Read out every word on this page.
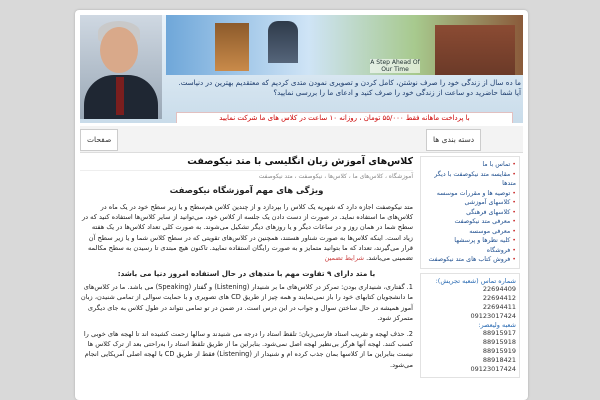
A Step Ahead Of Our Time
ما ده سال از زندگی خود را صرف نوشتن، کامل کردن و تصویری نمودن متدی کردیم که معتقدیم بهترین در دنیاست.
آیا شما حاضرید دو ساعت از زندگی خود را صرف کنید و ادعای ما را بررسی نمایید؟
با پرداخت ماهانه فقط ۵۵/۰۰۰ تومان ، روزانه ۱۰ ساعت در کلاس های ما شرکت نمایید
صفحات	دسته بندی ها
کلاس‌های آموزش زبان انگلیسی با متد نیکوصفت
آموزشگاه ، کلاس‌های ما ، کلاس‌ها ، نیکوصفت ، متد نیکوصفت
ویژگی های مهم آموزشگاه نیکوصفت

متد نیکوصفت اجازه دارد که شهریه یک کلاس را بپردازد و از چندین کلاس هم‌سطح و یا زیر سطح خود در یک ماه در کلاس‌های ما استفاده نماید. در صورت از دست دادن یک جلسه از کلاس خود، می‌توانید از سایر کلاس‌ها استفاده کنید که در سطح شما در همان روز و در ساعات دیگر و یا روزهای دیگر تشکیل می‌شوند. به صورت کلی تعداد کلاس‌ها در یک هفته زیاد است. اینکه کلاس‌ها به صورت شناور هستند، همچنین در کلاس‌های تقویتی که در سطح کلاس شما و یا زیر سطح آن قرار می‌گیرند، تعداد که ما بتوانید متمایز و به صورت رایگان استفاده نمایید. تاکنون هیچ مبتدی تا رسیدن به سطح مکالمه تضمینی می‌باشد. شرایط تضمین

با متد دارای ۹ تفاوت مهم با متدهای در حال استفاده امروز دنیا می باشد:

1. گفتاری، شنیداری بودن: تمرکز در کلاس‌های ما بر شنیدار (Listening) و گفتار (Speaking) می باشد. ما در کلاس‌های ما دانشجویان کتابهای خود را باز نمی‌نمایند و همه چیز از طریق CD های تصویری و با حمایت سوالی از تمامی شنیدن، زبان آموز همیشه در حال ساختن سوال و جواب در این درس است. در ضمن در تو تمامی نتواند در طول کلاس به جای دیگری متمرکز شود.

2. حذف لهجه و تقریب استاد فارسی‌زبان: تلفظ استاد را درجه می شنیدند و سالها زحمت کشیده اند تا لهجه های خوبی را کسب کنند. لهجه آنها هرگز بی‌نظیر لهجه اصل نمی‌شود. بنابراین ما از طریق تلفظ استاد را به‌راحتی بعد از ترک کلاس ها نیست بنابراین ما از کلاسها بمان جذب کرده ام و شنیدار از (Listening) فقط از طریق CD با لهجه اصلی آمریکایی انجام می‌شود.

• تماس با ما
• مقایسه متد نیکوصفت با دیگر متدها
• توصیه ها و مقررات موسسه
• کلاسهای آموزشی
• کلاسهای فرهنگی
• معرفی متد نیکوصفت
• معرفی موسسه
• کلیه نظرها و پرسشها
• فروشگاه
• فروش کتاب های متد نیکوصفت
شماره تماس (شعبه تجریش):
22694409
22694412
22694411
09123017424
شعبه ولیعصر:
88915917
88915918
88915919
88918421
09123017424
